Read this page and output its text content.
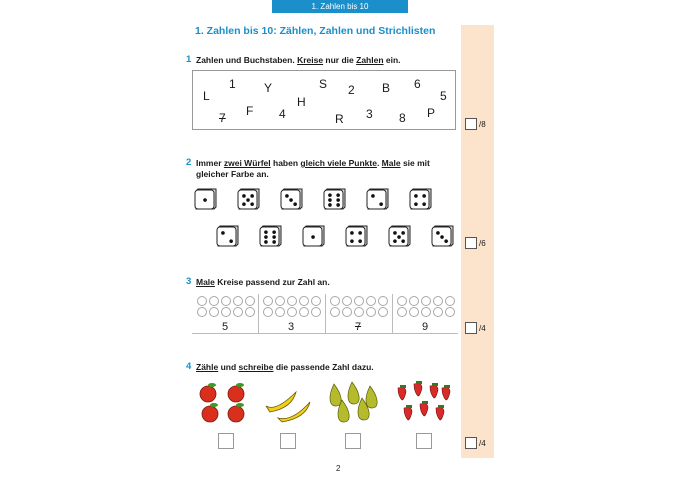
1. Zahlen bis 10
1. Zahlen bis 10: Zählen, Zahlen und Strichlisten
1 Zahlen und Buchstaben. Kreise nur die Zahlen ein.
L
1 Y
F 4
H
S 2 B 6
5
7	R 3 8 P
/8
2 Immer zwei Würfel haben gleich viele Punkte. Male sie mit gleicher Farbe an.
/6
3 Male Kreise passend zur Zahl an.
5	3	7	9	/4
4 Zähle und schreibe die passende Zahl dazu.
/4
2
